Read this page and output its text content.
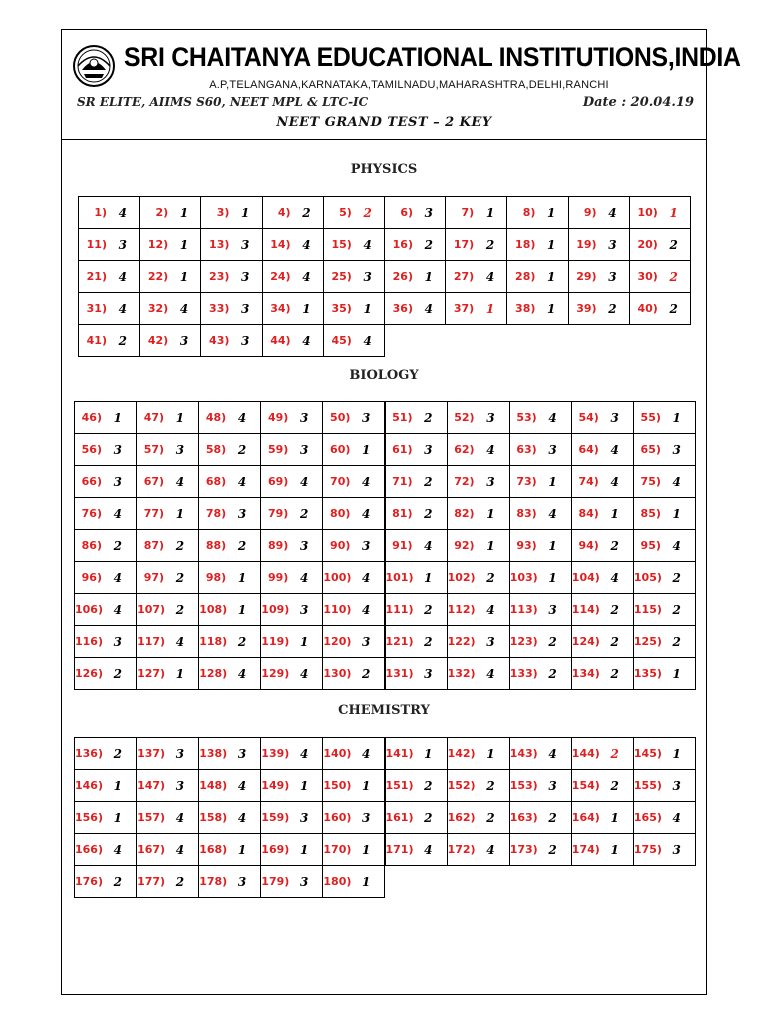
SRI CHAITANYA EDUCATIONAL INSTITUTIONS,INDIA
A.P,TELANGANA,KARNATAKA,TAMILNADU,MAHARASHTRA,DELHI,RANCHI
SR ELITE, AIIMS S60, NEET MPL & LTC-IC	Date : 20.04.19
NEET GRAND TEST – 2 KEY
PHYSICS
1) 4	2) 1	3) 1	4) 2	5) 2	6) 3	7) 1	8) 1	9) 4	10) 1
11) 3	12) 1	13) 3	14) 4	15) 4	16) 2	17) 2	18) 1	19) 3	20) 2
21) 4	22) 1	23) 3	24) 4	25) 3	26) 1	27) 4	28) 1	29) 3	30) 2
31) 4	32) 4	33) 3	34) 1	35) 1	36) 4	37) 1	38) 1	39) 2	40) 2
41) 2	42) 3	43) 3	44) 4	45) 4
BIOLOGY
46) 1	47) 1	48) 4	49) 3	50) 3	51) 2	52) 3	53) 4	54) 3	55) 1
56) 3	57) 3	58) 2	59) 3	60) 1	61) 3	62) 4	63) 3	64) 4	65) 3
66) 3	67) 4	68) 4	69) 4	70) 4	71) 2	72) 3	73) 1	74) 4	75) 4
76) 4	77) 1	78) 3	79) 2	80) 4	81) 2	82) 1	83) 4	84) 1	85) 1
86) 2	87) 2	88) 2	89) 3	90) 3	91) 4	92) 1	93) 1	94) 2	95) 4
96) 4	97) 2	98) 1	99) 4 100) 4 101) 1 102) 2 103) 1 104) 4 105) 2
106) 4 107) 2 108) 1 109) 3 110) 4 111) 2 112) 4 113) 3 114) 2 115) 2
116) 3 117) 4 118) 2 119) 1 120) 3 121) 2 122) 3 123) 2 124) 2 125) 2
126) 2 127) 1 128) 4 129) 4 130) 2 131) 3 132) 4 133) 2 134) 2 135) 1
CHEMISTRY
136) 2 137) 3 138) 3 139) 4 140) 4 141) 1 142) 1 143) 4 144) 2 145) 1
146) 1 147) 3 148) 4 149) 1 150) 1 151) 2 152) 2 153) 3 154) 2 155) 3
156) 1 157) 4 158) 4 159) 3 160) 3 161) 2 162) 2 163) 2 164) 1 165) 4
166) 4 167) 4 168) 1 169) 1 170) 1 171) 4 172) 4 173) 2 174) 1 175) 3
176) 2 177) 2 178) 3 179) 3 180) 1
